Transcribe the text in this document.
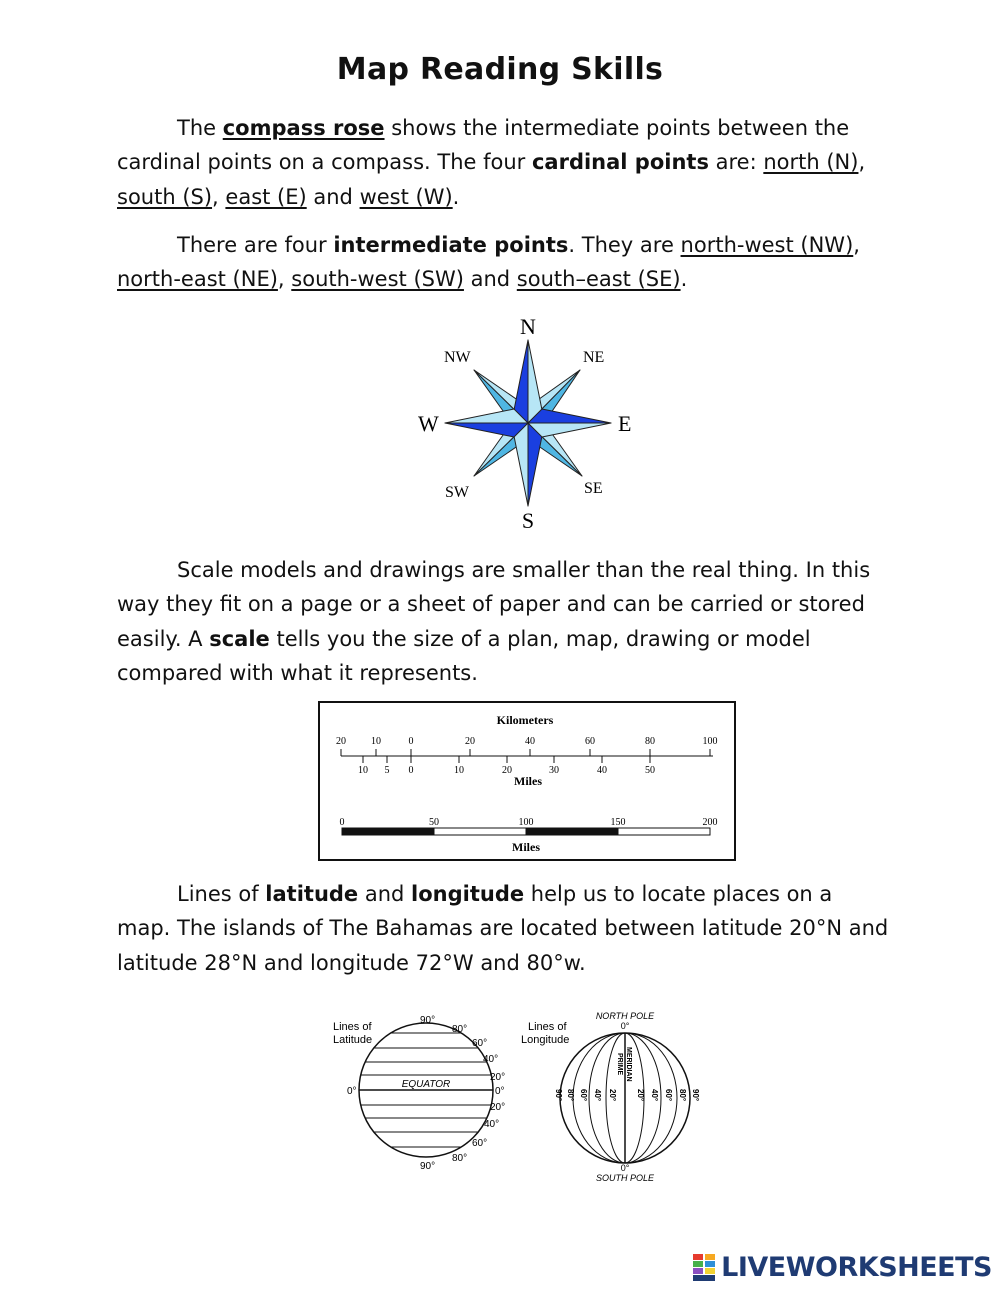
Map Reading Skills

The compass rose shows the intermediate points between the cardinal points on a compass. The four cardinal points are: north (N), south (S), east (E) and west (W).

There are four intermediate points. They are north-west (NW), north-east (NE), south-west (SW) and south–east (SE).

N
S
W	E
NW	NE
SW	SE

Scale models and drawings are smaller than the real thing. In this way they fit on a page or a sheet of paper and can be carried or stored easily. A scale tells you the size of a plan, map, drawing or model compared with what it represents.

Kilometers
20	10	0	20	40	60	80	100
10 5 0	10	20	30	40	50
Miles
0	50	100	150	200
Miles

Lines of latitude and longitude help us to locate places on a map. The islands of The Bahamas are located between latitude 20°N and latitude 28°N and longitude 72°W and 80°w.

Lines of
Latitude
EQUATOR
0°
90°
90°
80°
60°
40°
20°
0°
20°
40°
60°
80°
Lines of
Longitude
NORTH POLE
0°
PRIME MERIDIAN
90° 80° 60° 40° 20° 20° 40° 60° 80° 90°
0°
SOUTH POLE
LIVEWORKSHEETS
